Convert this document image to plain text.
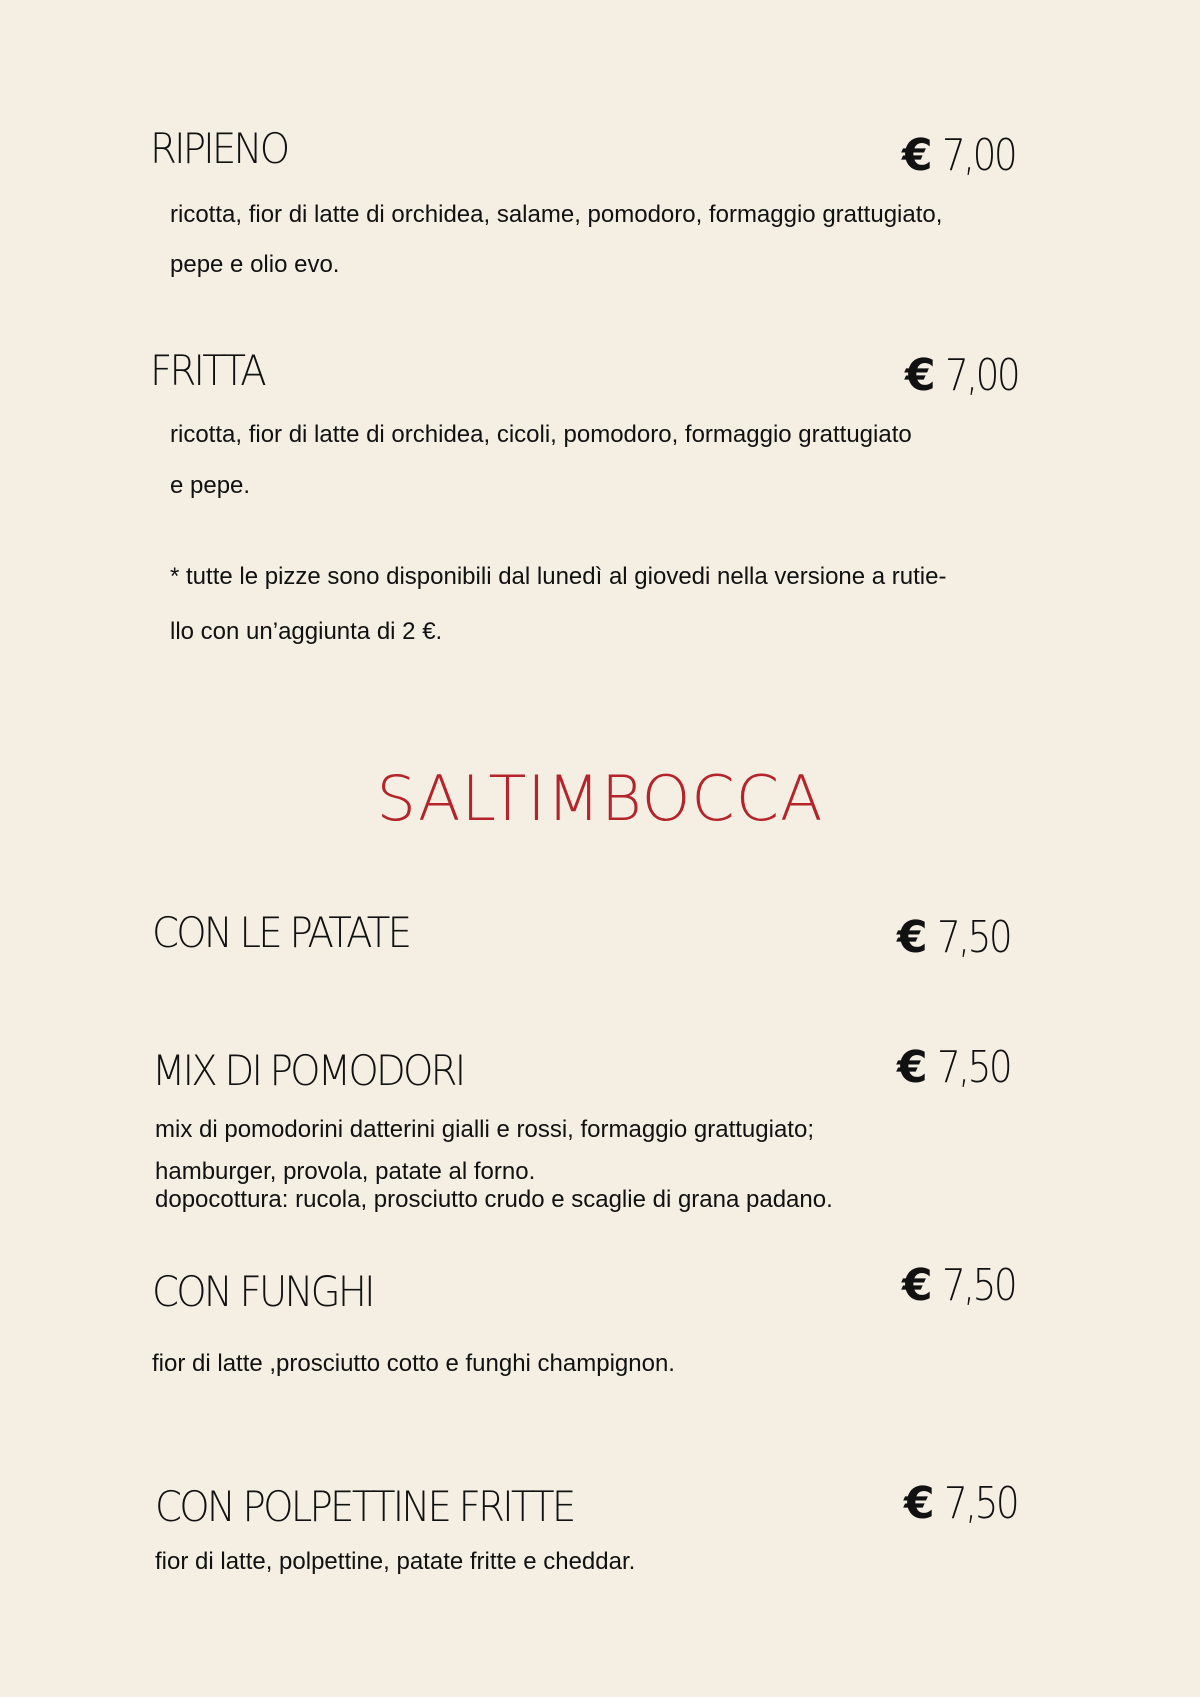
RIPIENO	€ 7,00
ricotta, fior di latte di orchidea, salame, pomodoro, formaggio grattugiato,
pepe e olio evo.
FRITTA	€ 7,00
ricotta, fior di latte di orchidea, cicoli, pomodoro, formaggio grattugiato
e pepe.
* tutte le pizze sono disponibili dal lunedì al giovedi nella versione a rutie-
llo con un’aggiunta di 2 €.
SALTIMBOCCA
CON LE PATATE	€ 7,50
MIX DI POMODORI	€ 7,50
mix di pomodorini datterini gialli e rossi, formaggio grattugiato;
hamburger, provola, patate al forno.
dopocottura: rucola, prosciutto crudo e scaglie di grana padano.
CON FUNGHI	€ 7,50
fior di latte ,prosciutto cotto e funghi champignon.
CON POLPETTINE FRITTE	€ 7,50
fior di latte, polpettine, patate fritte e cheddar.
